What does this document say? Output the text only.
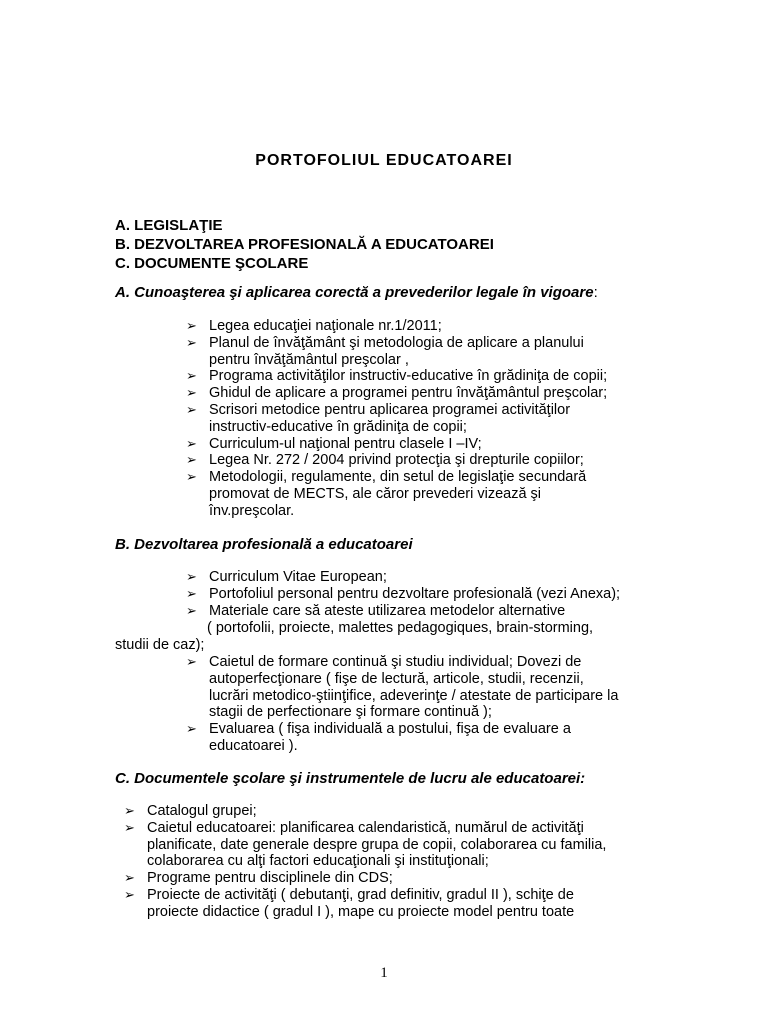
PORTOFOLIUL EDUCATOAREI
A. LEGISLAŢIE
B. DEZVOLTAREA PROFESIONALĂ A EDUCATOAREI
C. DOCUMENTE ŞCOLARE
A. Cunoaşterea şi aplicarea corectă a prevederilor legale în vigoare:
➢ Legea educaţiei naţionale nr.1/2011;
➢ Planul de învăţământ şi metodologia de aplicare a planului
pentru învăţământul preşcolar ,
➢ Programa activităţilor instructiv-educative în grădiniţa de copii;
➢ Ghidul de aplicare a programei pentru învăţământul preşcolar;
➢ Scrisori metodice pentru aplicarea programei activităţilor
instructiv-educative în grădiniţa de copii;
➢ Curriculum-ul naţional pentru clasele I –IV;
➢ Legea Nr. 272 / 2004 privind protecţia şi drepturile copiilor;
➢ Metodologii, regulamente, din setul de legislaţie secundară
promovat de MECTS, ale căror prevederi vizează şi
înv.preşcolar.
B. Dezvoltarea profesională a educatoarei
➢ Curriculum Vitae European;
➢ Portofoliul personal pentru dezvoltare profesională (vezi Anexa);
➢ Materiale care să ateste utilizarea metodelor alternative
( portofolii, proiecte, malettes pedagogiques, brain-storming,
studii de caz);
➢ Caietul de formare continuă şi studiu individual; Dovezi de
autoperfecţionare ( fişe de lectură, articole, studii, recenzii,
lucrări metodico-ştiinţifice, adeverinţe / atestate de participare la
stagii de perfectionare şi formare continuă );
➢ Evaluarea ( fişa individuală a postului, fişa de evaluare a
educatoarei ).
C. Documentele şcolare şi instrumentele de lucru ale educatoarei:
➢ Catalogul grupei;
➢ Caietul educatoarei: planificarea calendaristică, numărul de activităţi
planificate, date generale despre grupa de copii, colaborarea cu familia,
colaborarea cu alţi factori educaţionali şi instituţionali;
➢ Programe pentru disciplinele din CDS;
➢ Proiecte de activităţi ( debutanţi, grad definitiv, gradul II ), schiţe de
proiecte didactice ( gradul I ), mape cu proiecte model pentru toate
1
